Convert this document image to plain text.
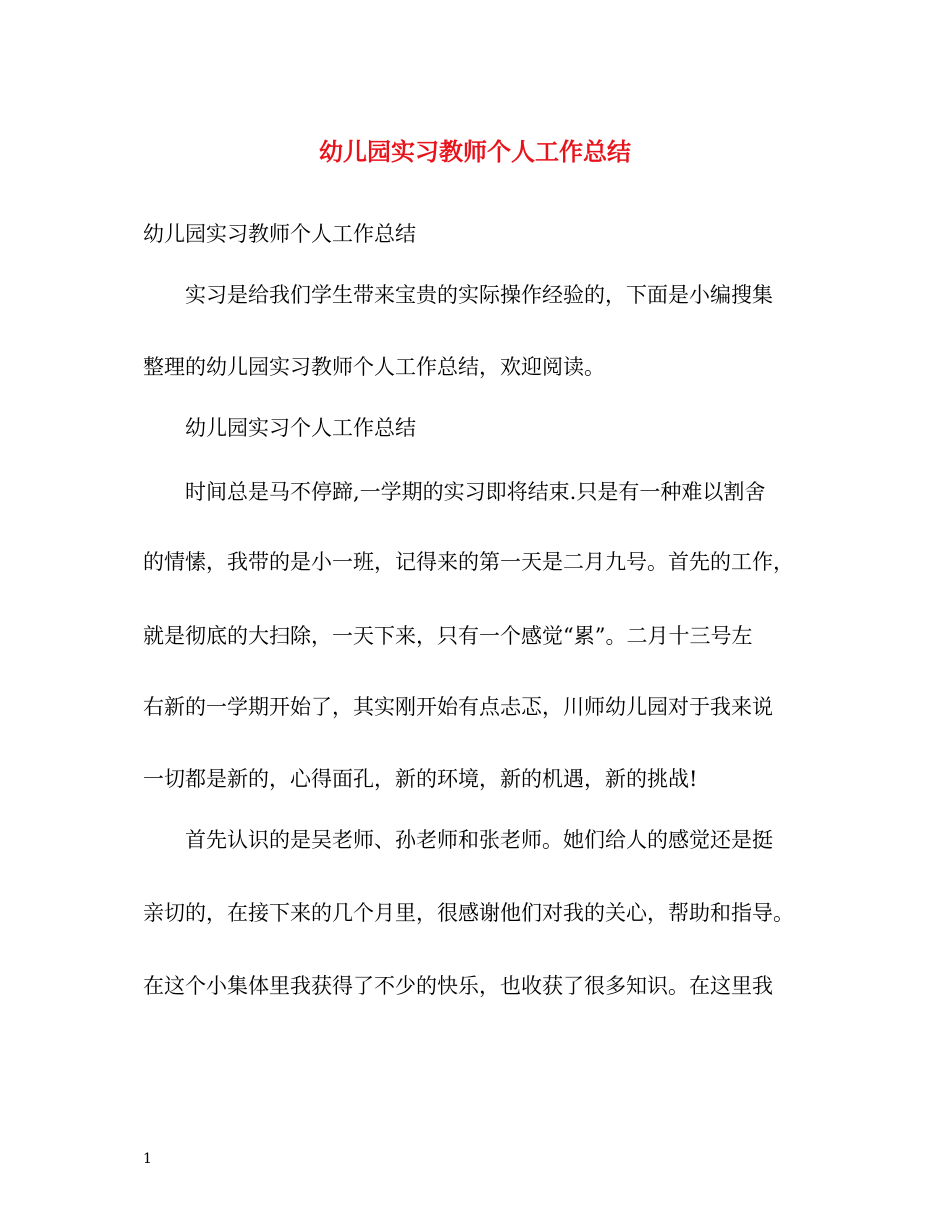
幼儿园实习教师个人工作总结
幼儿园实习教师个人工作总结
实习是给我们学生带来宝贵的实际操作经验的，下面是小编搜集
整理的幼儿园实习教师个人工作总结，欢迎阅读。
幼儿园实习个人工作总结
时间总是马不停蹄,一学期的实习即将结束.只是有一种难以割舍
的情愫，我带的是小一班，记得来的第一天是二月九号。首先的工作，
就是彻底的大扫除，一天下来，只有一个感觉“累”。二月十三号左
右新的一学期开始了，其实刚开始有点忐忑，川师幼儿园对于我来说
一切都是新的，心得面孔，新的环境，新的机遇，新的挑战!
首先认识的是吴老师、孙老师和张老师。她们给人的感觉还是挺
亲切的，在接下来的几个月里，很感谢他们对我的关心，帮助和指导。
在这个小集体里我获得了不少的快乐，也收获了很多知识。在这里我
1
